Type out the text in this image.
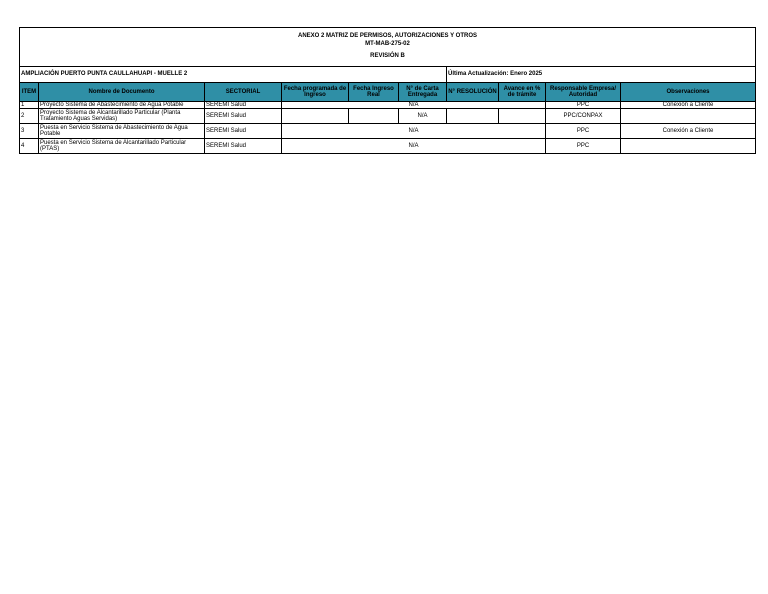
ANEXO 2 MATRIZ DE PERMISOS, AUTORIZACIONES Y OTROS
MT-MAB-275-02
REVISIÓN B									

AMPLIACIÓN PUERTO PUNTA CAULLAHUAPI - MUELLE 2						Última Actualización: Enero 2025			
ITEM	Nombre de Documento	SECTORIAL	Fecha programada de Ingreso	Fecha Ingreso Real	N° de Carta Entregada	N° RESOLUCIÓN	Avance en % de trámite	Responsable Empresa/ Autoridad	Observaciones
1	Proyecto Sistema de Abastecimiento de Agua Potable	SEREMI Salud	N/A					PPC	Conexión a Cliente
2	Proyecto Sistema de Alcantarillado Particular (Planta Tratamiento Aguas Servidas)	SEREMI Salud			N/A			PPC/CONPAX	
3	Puesta en Servicio Sistema de Abastecimiento de Agua Potable	SEREMI Salud	N/A					PPC	Conexión a Cliente
4	Puesta en Servicio Sistema de Alcantarillado Particular (PTAS)	SEREMI Salud	N/A					PPC	
